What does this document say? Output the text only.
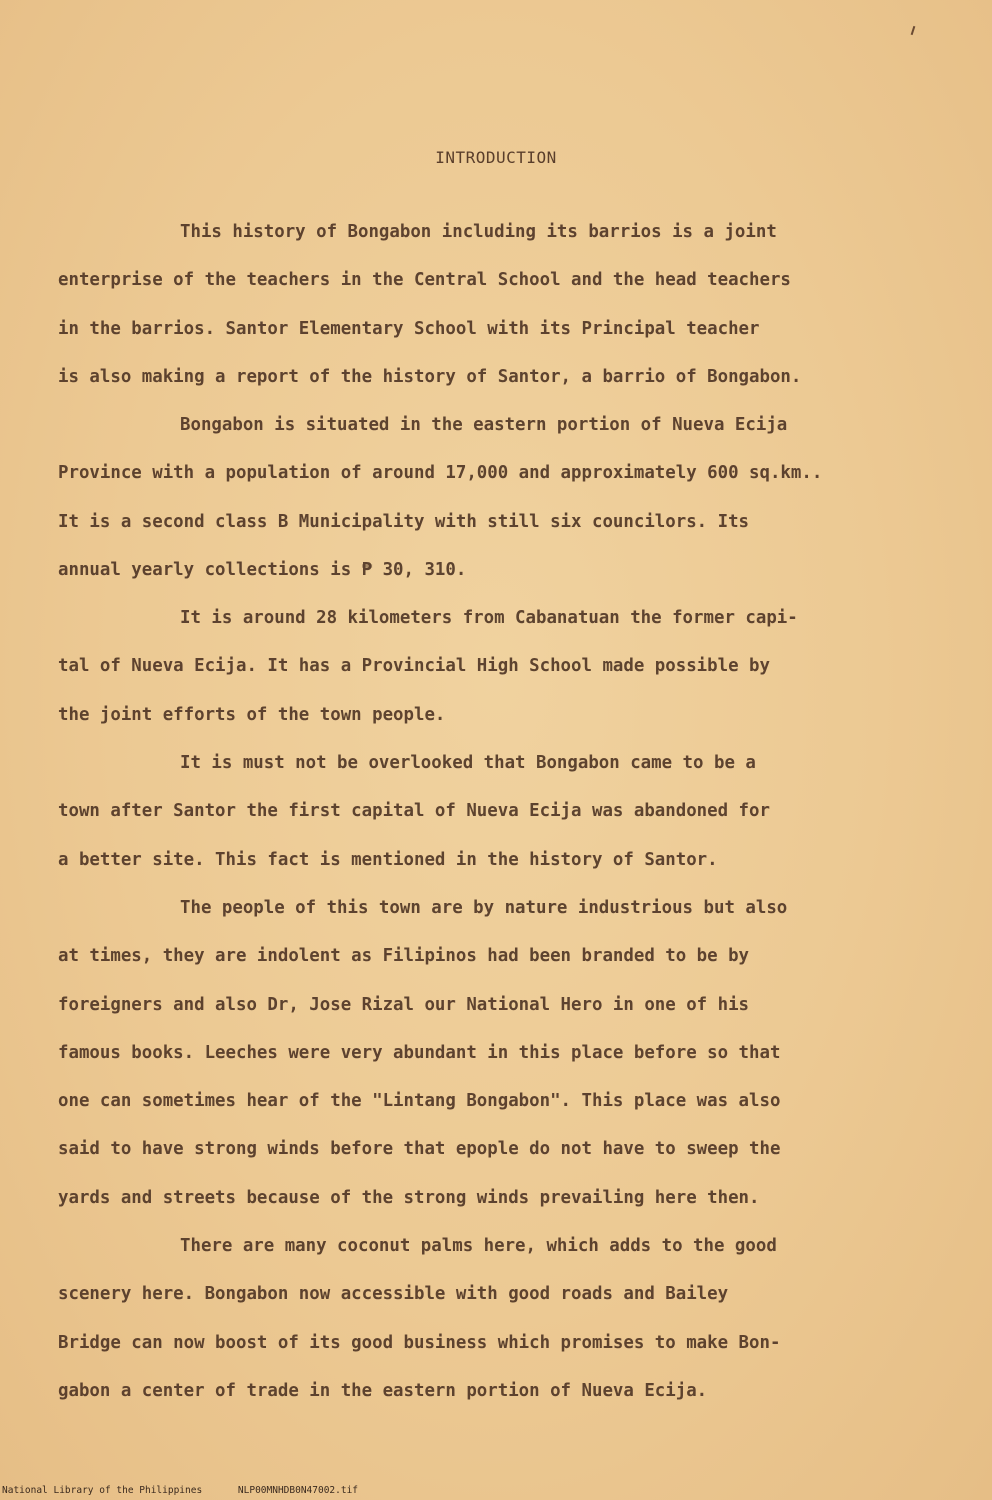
INTRODUCTION
This history of Bongabon including its barrios is a joint
enterprise of the teachers in the Central School and the head teachers
in the barrios. Santor Elementary School with its Principal teacher
is also making a report of the history of Santor, a barrio of Bongabon.
Bongabon is situated in the eastern portion of Nueva Ecija
Province with a population of around 17,000 and approximately 600 sq.km..
It is a second class B Municipality with still six councilors. Its
annual yearly collections is ₱ 30, 310.
It is around 28 kilometers from Cabanatuan the former capi-
tal of Nueva Ecija. It has a Provincial High School made possible by
the joint efforts of the town people.
It is must not be overlooked that Bongabon came to be a
town after Santor the first capital of Nueva Ecija was abandoned for
a better site. This fact is mentioned in the history of Santor.
The people of this town are by nature industrious but also
at times, they are indolent as Filipinos had been branded to be by
foreigners and also Dr, Jose Rizal our National Hero in one of his
famous books. Leeches were very abundant in this place before so that
one can sometimes hear of the "Lintang Bongabon". This place was also
said to have strong winds before that epople do not have to sweep the
yards and streets because of the strong winds prevailing here then.
There are many coconut palms here, which adds to the good
scenery here. Bongabon now accessible with good roads and Bailey
Bridge can now boost of its good business which promises to make Bon-
gabon a center of trade in the eastern portion of Nueva Ecija.
National Library of the Philippines	NLP00MNHDB0N47002.tif
